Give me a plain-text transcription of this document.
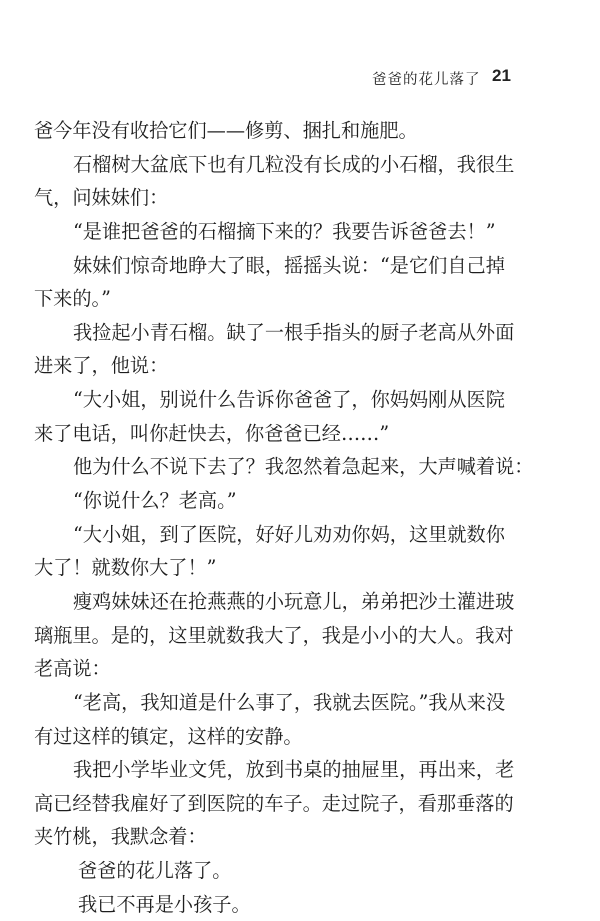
爸爸的花儿落了 21
爸今年没有收拾它们——修剪、捆扎和施肥。
石榴树大盆底下也有几粒没有长成的小石榴，我很生
气，问妹妹们：
“是谁把爸爸的石榴摘下来的？我要告诉爸爸去！”
妹妹们惊奇地睁大了眼，摇摇头说：“是它们自己掉
下来的。”
我捡起小青石榴。缺了一根手指头的厨子老高从外面
进来了，他说：
“大小姐，别说什么告诉你爸爸了，你妈妈刚从医院
来了电话，叫你赶快去，你爸爸已经……”
他为什么不说下去了？我忽然着急起来，大声喊着说：
“你说什么？老高。”
“大小姐，到了医院，好好儿劝劝你妈，这里就数你
大了！就数你大了！”
瘦鸡妹妹还在抢燕燕的小玩意儿，弟弟把沙土灌进玻
璃瓶里。是的，这里就数我大了，我是小小的大人。我对
老高说：
“老高，我知道是什么事了，我就去医院。”我从来没
有过这样的镇定，这样的安静。
我把小学毕业文凭，放到书桌的抽屉里，再出来，老
高已经替我雇好了到医院的车子。走过院子，看那垂落的
夹竹桃，我默念着：
爸爸的花儿落了。
我已不再是小孩子。
